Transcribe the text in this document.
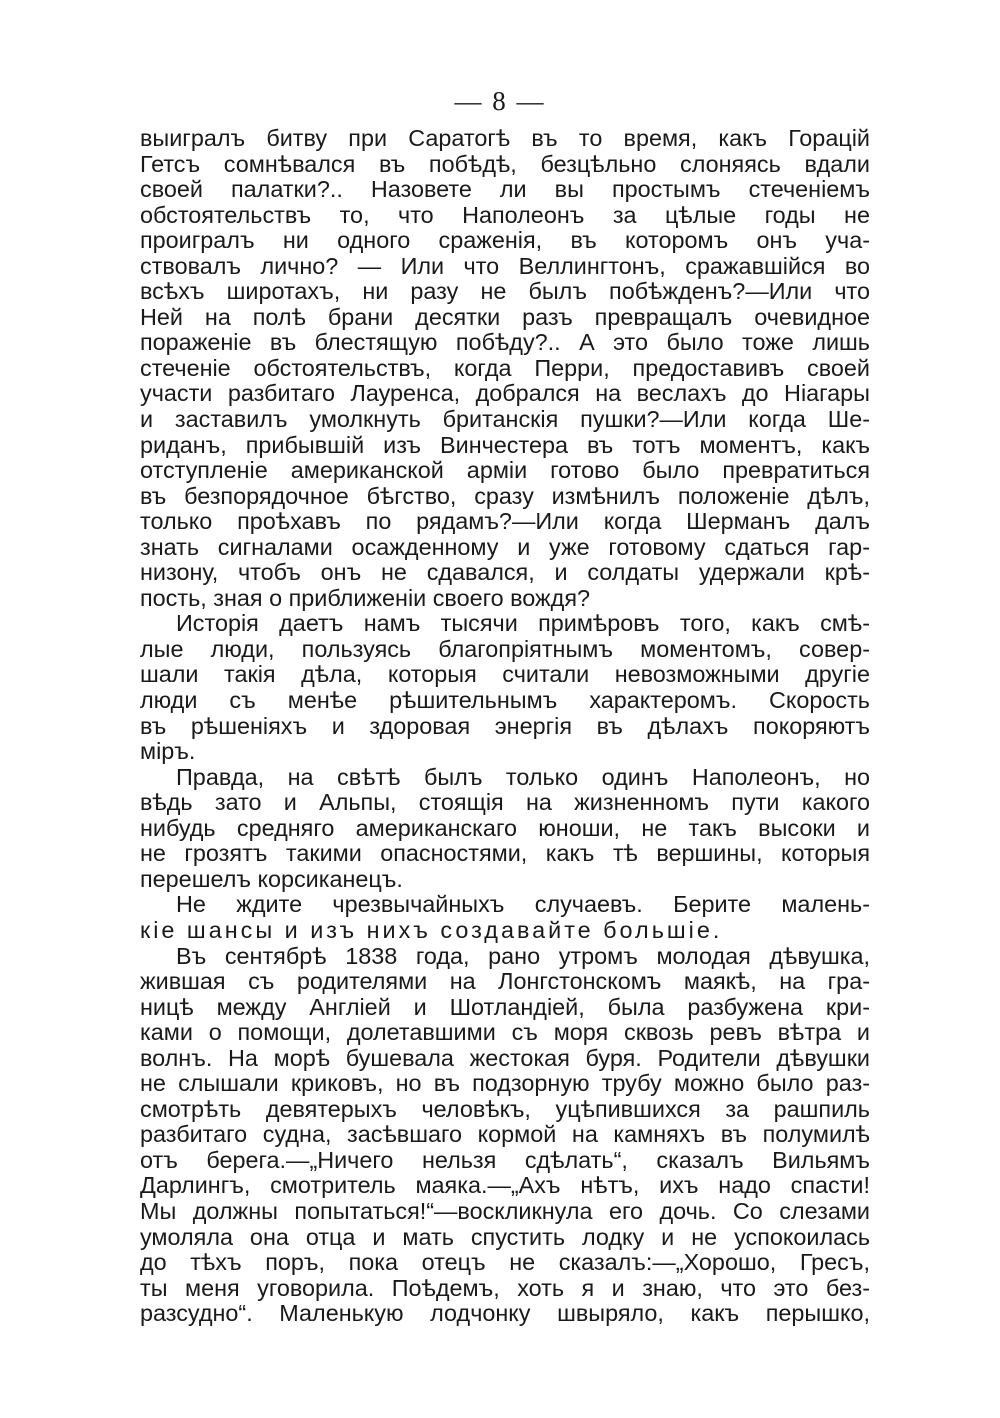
— 8 —
выигралъ битву при Саратогѣ въ то время, какъ Горацій
Гетсъ сомнѣвался въ побѣдѣ, безцѣльно слоняясь вдали
своей палатки?.. Назовете ли вы простымъ стеченіемъ
обстоятельствъ то, что Наполеонъ за цѣлые годы не
проигралъ ни одного сраженія, въ которомъ онъ уча-
ствовалъ лично? — Или что Веллингтонъ, сражавшійся во
всѣхъ широтахъ, ни разу не былъ побѣжденъ?—Или что
Ней на полѣ брани десятки разъ превращалъ очевидное
пораженіе въ блестящую побѣду?.. А это было тоже лишь
стеченіе обстоятельствъ, когда Перри, предоставивъ своей
участи разбитаго Лауренса, добрался на веслахъ до Ніагары
и заставилъ умолкнуть британскія пушки?—Или когда Ше-
риданъ, прибывшій изъ Винчестера въ тотъ моментъ, какъ
отступленіе американской арміи готово было превратиться
въ безпорядочное бѣгство, сразу измѣнилъ положеніе дѣлъ,
только проѣхавъ по рядамъ?—Или когда Шерманъ далъ
знать сигналами осажденному и уже готовому сдаться гар-
низону, чтобъ онъ не сдавался, и солдаты удержали крѣ-
пость, зная о приближеніи своего вождя?
Исторія даетъ намъ тысячи примѣровъ того, какъ смѣ-
лые люди, пользуясь благопріятнымъ моментомъ, совер-
шали такія дѣла, которыя считали невозможными другіе
люди съ менѣе рѣшительнымъ характеромъ. Скорость
въ рѣшеніяхъ и здоровая энергія въ дѣлахъ покоряютъ
міръ.
Правда, на свѣтѣ былъ только одинъ Наполеонъ, но
вѣдь зато и Альпы, стоящія на жизненномъ пути какого
нибудь средняго американскаго юноши, не такъ высоки и
не грозятъ такими опасностями, какъ тѣ вершины, которыя
перешелъ корсиканецъ.
Не ждите чрезвычайныхъ случаевъ. Берите малень-
кіе шансы и изъ нихъ создавайте большіе.
Въ сентябрѣ 1838 года, рано утромъ молодая дѣвушка,
жившая съ родителями на Лонгстонскомъ маякѣ, на гра-
ницѣ между Англіей и Шотландіей, была разбужена кри-
ками о помощи, долетавшими съ моря сквозь ревъ вѣтра и
волнъ. На морѣ бушевала жестокая буря. Родители дѣвушки
не слышали криковъ, но въ подзорную трубу можно было раз-
смотрѣть девятерыхъ человѣкъ, уцѣпившихся за рашпиль
разбитаго судна, засѣвшаго кормой на камняхъ въ полумилѣ
отъ берега.—„Ничего нельзя сдѣлать“, сказалъ Вильямъ
Дарлингъ, смотритель маяка.—„Ахъ нѣтъ, ихъ надо спасти!
Мы должны попытаться!“—воскликнула его дочь. Со слезами
умоляла она отца и мать спустить лодку и не успокоилась
до тѣхъ поръ, пока отецъ не сказалъ:—„Хорошо, Гресъ,
ты меня уговорила. Поѣдемъ, хоть я и знаю, что это без-
разсудно“. Маленькую лодчонку швыряло, какъ перышко,
